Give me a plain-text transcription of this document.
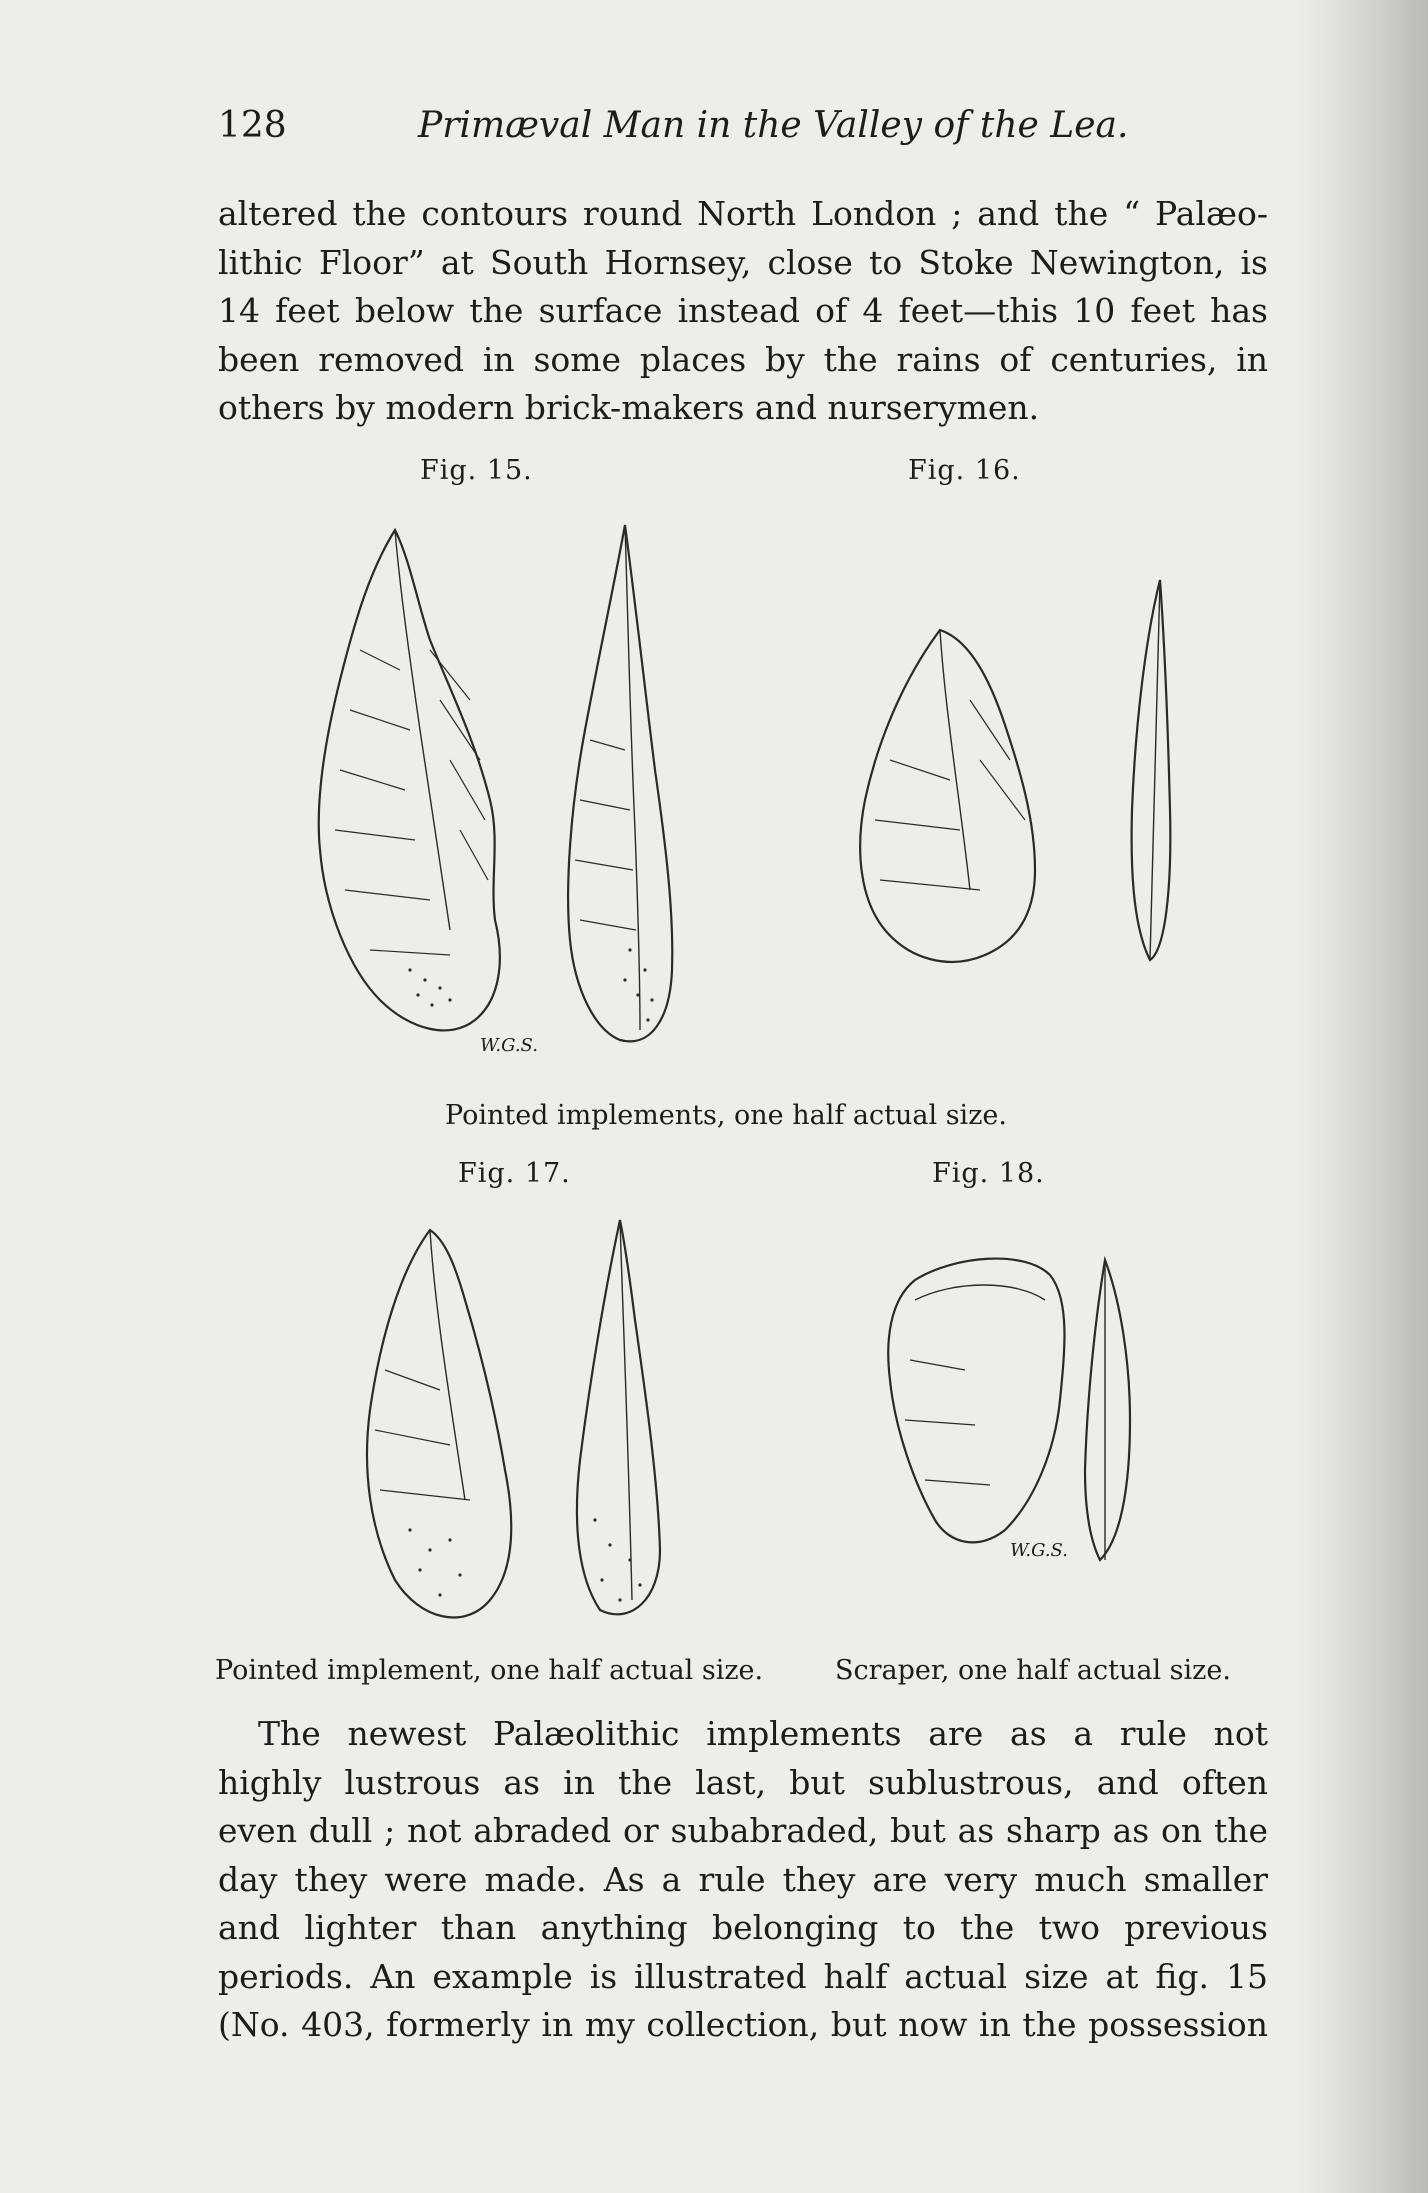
128	Primæval Man in the Valley of the Lea.
altered the contours round North London ; and the “ Palæo-
lithic Floor” at South Hornsey, close to Stoke Newington, is
14 feet below the surface instead of 4 feet—this 10 feet has
been removed in some places by the rains of centuries, in
others by modern brick-makers and nurserymen.
Fig. 15.	Fig. 16.
W.G.S.
Pointed implements, one half actual size.
Fig. 17.	Fig. 18.
W.G.S.
Pointed implement, one half actual size.	Scraper, one half actual size.
The newest Palæolithic implements are as a rule not
highly lustrous as in the last, but sublustrous, and often
even dull ; not abraded or subabraded, but as sharp as on the
day they were made. As a rule they are very much smaller
and lighter than anything belonging to the two previous
periods. An example is illustrated half actual size at fig. 15
(No. 403, formerly in my collection, but now in the possession
